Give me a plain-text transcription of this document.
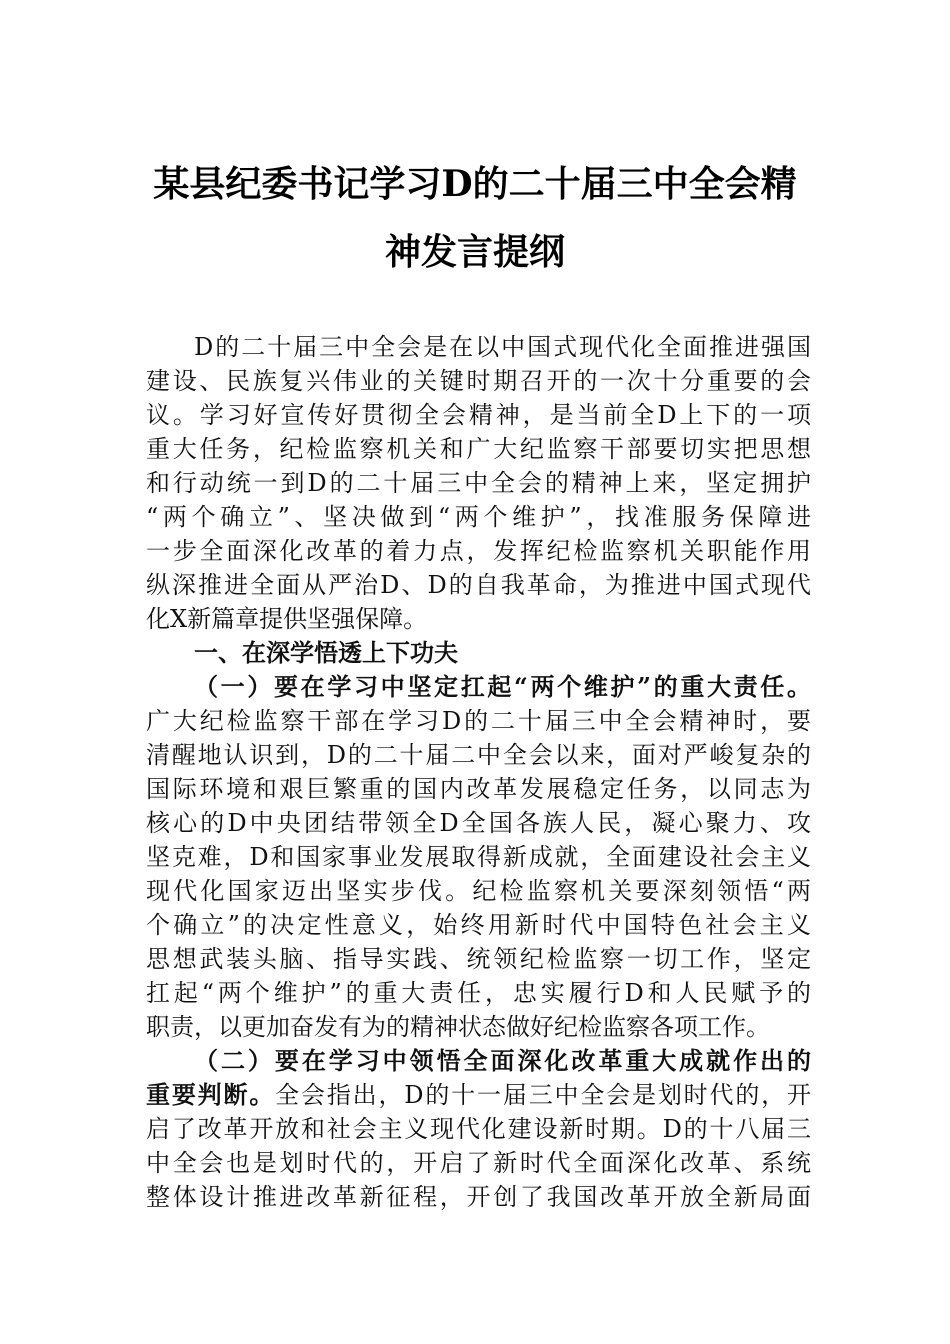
某县纪委书记学习D的二十届三中全会精
神发言提纲
D的二十届三中全会是在以中国式现代化全面推进强国
建设、民族复兴伟业的关键时期召开的一次十分重要的会
议。学习好宣传好贯彻全会精神，是当前全D上下的一项
重大任务，纪检监察机关和广大纪监察干部要切实把思想
和行动统一到D的二十届三中全会的精神上来，坚定拥护
“两个确立”、坚决做到“两个维护”，找准服务保障进
一步全面深化改革的着力点，发挥纪检监察机关职能作用
纵深推进全面从严治D、D的自我革命，为推进中国式现代
化X新篇章提供坚强保障。
一、在深学悟透上下功夫
（一）要在学习中坚定扛起“两个维护”的重大责任。
广大纪检监察干部在学习D的二十届三中全会精神时，要
清醒地认识到，D的二十届二中全会以来，面对严峻复杂的
国际环境和艰巨繁重的国内改革发展稳定任务，以同志为
核心的D中央团结带领全D全国各族人民，凝心聚力、攻
坚克难，D和国家事业发展取得新成就，全面建设社会主义
现代化国家迈出坚实步伐。纪检监察机关要深刻领悟“两
个确立”的决定性意义，始终用新时代中国特色社会主义
思想武装头脑、指导实践、统领纪检监察一切工作，坚定
扛起“两个维护”的重大责任，忠实履行D和人民赋予的
职责，以更加奋发有为的精神状态做好纪检监察各项工作。
（二）要在学习中领悟全面深化改革重大成就作出的
重要判断。全会指出，D的十一届三中全会是划时代的，开
启了改革开放和社会主义现代化建设新时期。D的十八届三
中全会也是划时代的，开启了新时代全面深化改革、系统
整体设计推进改革新征程，开创了我国改革开放全新局面
